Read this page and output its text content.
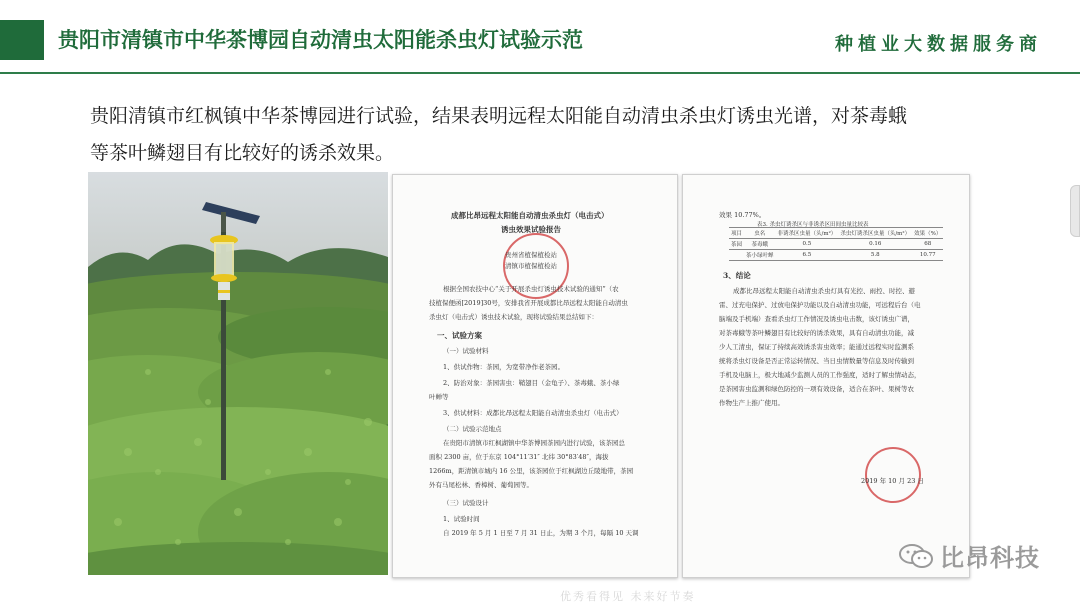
贵阳市清镇市中华茶博园自动清虫太阳能杀虫灯试验示范	种植业大数据服务商
贵阳清镇市红枫镇中华茶博园进行试验，结果表明远程太阳能自动清虫杀虫灯诱虫光谱，对茶毒蛾
等茶叶鳞翅目有比较好的诱杀效果。
成都比昂远程太阳能自动清虫杀虫灯（电击式）
诱虫效果试验报告
贵州省植保植检站
清镇市植保植检站
根据全国农技中心“关于开展杀虫灯诱虫技术试验的通知”（农
技植保便函[2019]30号，安排我省开展成都比昂远程太阳能自动清虫
杀虫灯（电击式）诱虫技术试验，现将试验结果总结如下：
一、试验方案
（一）试验材料
1、供试作物：茶园，为宽带净作老茶园。
2、防治对象：茶园害虫：鞘翅目（金龟子）、茶毒蛾、茶小绿
叶蝉等
3、供试材料：成都比昂远程太阳能自动清虫杀虫灯（电击式）
（二）试验示范地点
在贵阳市清镇市红枫湖镇中华茶博园茶园内进行试验，该茶园总
面积 2300 亩，位于东京 104°11′31″ 北纬 30°83′48″，海拔
1266m，距清镇市城内 16 公里，该茶园位于红枫湖边丘陵地带，茶园
外有马尾松林、香樟树、葡萄园等。
（三）试验设计
1、试验时间
自 2019 年 5 月 1 日至 7 月 31 日止，为期 3 个月，每隔 10 天调
效果 10.77%。
表3. 杀虫灯诱杀区与非诱杀区田间虫量比较表
项目	虫名	非诱杀区虫量（头/m²）	杀虫灯诱杀区虫量（头/m²）	效果（%）
茶园	茶毒蛾	0.5	0.16	68
	茶小绿叶蝉	6.5	5.8	10.77
3、结论
成都比昂远程太阳能自动清虫杀虫灯具有光控、雨控、时控、避
雷、过充电保护、过放电保护功能以及自动清虫功能，可远程后台（电
脑端及手机端）查看杀虫灯工作情况及诱虫电击数，该灯诱虫广谱，
对茶毒蛾等茶叶鳞翅目有比较好的诱杀效果，具有自动清虫功能，减
少人工清虫，保证了持续高效诱杀害虫效率；能通过远程实时监测系
统将杀虫灯设备是否正常运转情况、当日虫情数量等信息及时传输到
手机及电脑上，极大地减少监测人员的工作强度，适时了解虫情动态，
是茶园害虫监测和绿色防控的一项有效设备，适合在茶叶、果树等农
作物生产上推广使用。
2019 年 10 月 23 日
比昂科技
优秀看得见 未来好节奏
